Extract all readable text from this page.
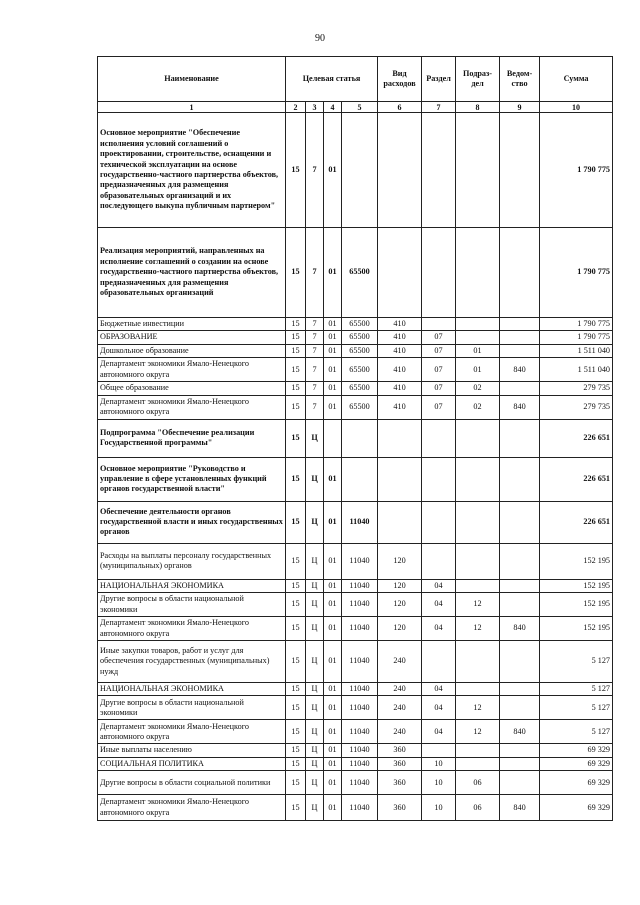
90
Наименование	Целевая статья				Вид расходов	Раздел	Подраз-дел	Ведом-ство	Сумма
1	2	3	4	5	6	7	8	9	10
Основное мероприятие "Обеспечение исполнения условий соглашений о проектировании, строительстве, оснащении и технической эксплуатации на основе государственно-частного партнерства объектов, предназначенных для размещения образовательных организаций и их последующего выкупа публичным партнером"	15	7	01						1 790 775
Реализация мероприятий, направленных на исполнение соглашений о создании на основе государственно-частного партнерства объектов, предназначенных для размещения образовательных организаций	15	7	01	65500					1 790 775
Бюджетные инвестиции	15	7	01	65500	410				1 790 775
ОБРАЗОВАНИЕ	15	7	01	65500	410	07			1 790 775
Дошкольное образование	15	7	01	65500	410	07	01		1 511 040
Департамент экономики Ямало-Ненецкого автономного округа	15	7	01	65500	410	07	01	840	1 511 040
Общее образование	15	7	01	65500	410	07	02		279 735
Департамент экономики Ямало-Ненецкого автономного округа	15	7	01	65500	410	07	02	840	279 735
Подпрограмма "Обеспечение реализации Государственной программы"	15	Ц							226 651
Основное мероприятие "Руководство и управление в сфере установленных функций органов государственной власти"	15	Ц	01						226 651
Обеспечение деятельности органов государственной власти и иных государственных органов	15	Ц	01	11040					226 651
Расходы на выплаты персоналу государственных (муниципальных) органов	15	Ц	01	11040	120				152 195
НАЦИОНАЛЬНАЯ ЭКОНОМИКА	15	Ц	01	11040	120	04			152 195
Другие вопросы в области национальной экономики	15	Ц	01	11040	120	04	12		152 195
Департамент экономики Ямало-Ненецкого автономного округа	15	Ц	01	11040	120	04	12	840	152 195
Иные закупки товаров, работ и услуг для обеспечения государственных (муниципальных) нужд	15	Ц	01	11040	240				5 127
НАЦИОНАЛЬНАЯ ЭКОНОМИКА	15	Ц	01	11040	240	04			5 127
Другие вопросы в области национальной экономики	15	Ц	01	11040	240	04	12		5 127
Департамент экономики Ямало-Ненецкого автономного округа	15	Ц	01	11040	240	04	12	840	5 127
Иные выплаты населению	15	Ц	01	11040	360				69 329
СОЦИАЛЬНАЯ ПОЛИТИКА	15	Ц	01	11040	360	10			69 329
Другие вопросы в области социальной политики	15	Ц	01	11040	360	10	06		69 329
Департамент экономики Ямало-Ненецкого автономного округа	15	Ц	01	11040	360	10	06	840	69 329
